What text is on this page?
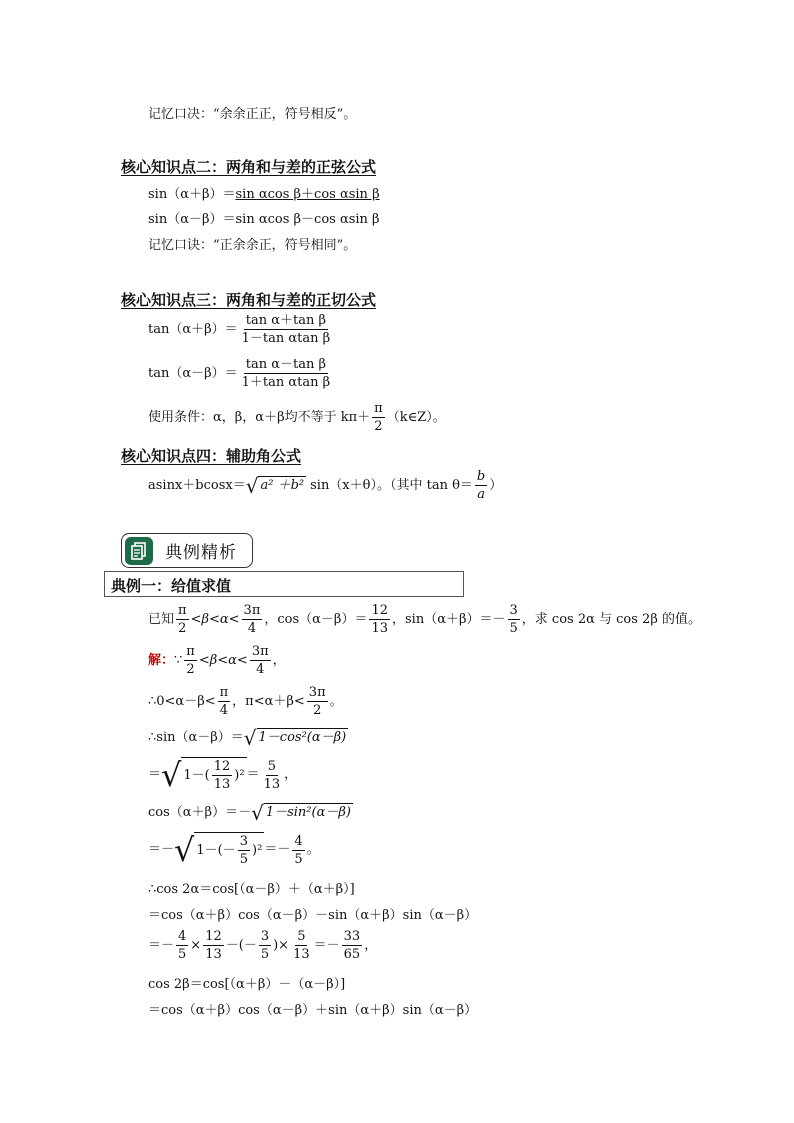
记忆口决：“余余正正，符号相反”。
核心知识点二：两角和与差的正弦公式
sin（α＋β）＝ sin αcos β＋cos αsin β
sin（α－β）＝sin αcos β－cos αsin β
记忆口诀：“正余余正，符号相同”。
核心知识点三：两角和与差的正切公式
$\tan(\alpha+\beta)= \frac{\text{tan α＋tan β}}{\text{1－tan αtan β}}$
$\tan(\alpha-\beta)= \frac{\text{tan α－tan β}}{\text{1＋tan αtan β}}$
使用条件：α，β，α＋β均不等于 $k\pi+ \frac{\pi}{2}$ （k∈Z）。
核心知识点四：辅助角公式
asinx＋bcosx＝ √ a² ＋b² sin（x＋θ）。（其中 $\tan \theta= \frac{b}{a}$ ）
典例精析
典例一：给值求值
已知 $\frac{\pi}{2} <\beta<\alpha< \frac{3\pi}{4}$ ，$\cos(\alpha-\beta)= \frac{12}{13}$ ，$\sin(\alpha+\beta)=- \frac{3}{5}$ ，求 cos 2α 与 cos 2β 的值。
解： ∵ $\frac{\pi}{2} <\beta<\alpha< \frac{3\pi}{4}$ ，
∴0<α－β< $\frac{\pi}{4}$ ，$\pi<\alpha+\beta< \frac{3\pi}{2}$ 。
∴sin（α－β）＝ √ 1－cos²(α－β)
＝ √ $1-( \frac{12}{13} )^2 = \frac{5}{13}$ ，
cos（α＋β）＝－ √ 1－sin²(α－β)
＝－ √ $1-(- \frac{3}{5} )^2 =- \frac{4}{5}$ 。
∴cos 2α＝cos[（α－β）＋（α＋β）]
＝cos（α＋β）cos（α－β）－sin（α＋β）sin（α－β）
＝－ $\frac{4}{5} \times \frac{12}{13}$ －(－ $\frac{3}{5}$ )× $\frac{5}{13} =- \frac{33}{65}$ ，
cos 2β＝cos[（α＋β）－（α－β）]
＝cos（α＋β）cos（α－β）＋sin（α＋β）sin（α－β）
